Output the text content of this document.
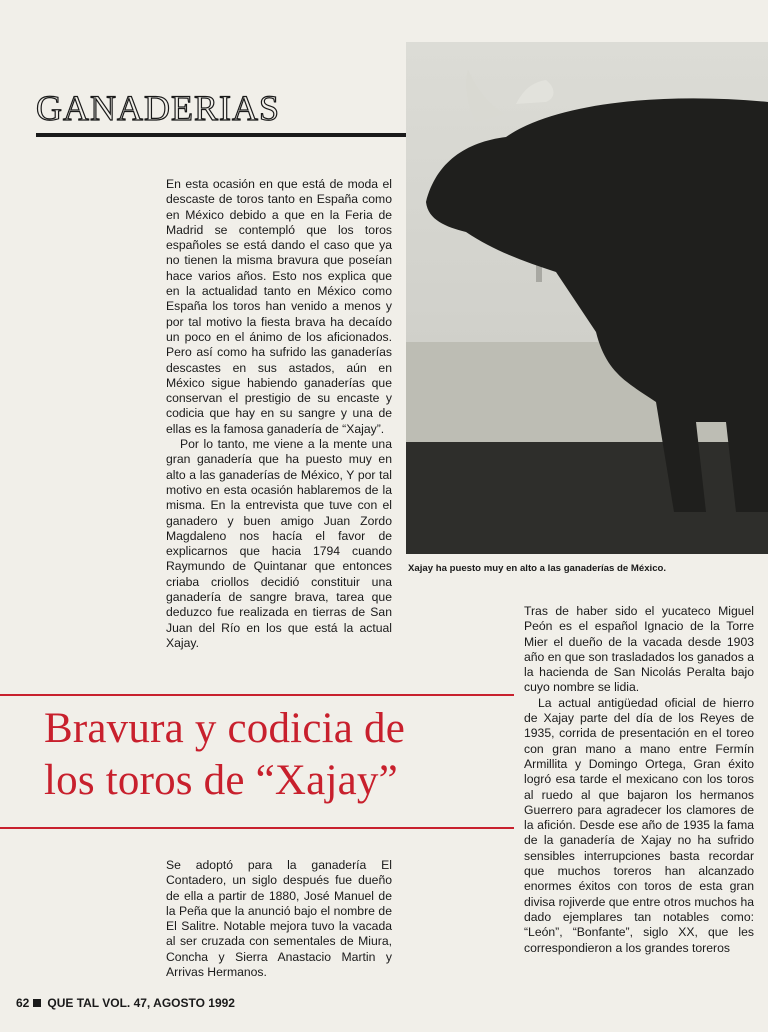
GANADERIAS

En esta ocasión en que está de moda el descaste de toros tanto en España como en México debido a que en la Feria de Madrid se contempló que los toros españoles se está dando el caso que ya no tienen la misma bravura que poseían hace varios años. Esto nos explica que en la actualidad tanto en México como España los toros han venido a menos y por tal motivo la fiesta brava ha decaído un poco en el ánimo de los aficionados. Pero así como ha sufrido las ganaderías descastes en sus astados, aún en México sigue habiendo ganaderías que conservan el prestigio de su encaste y codicia que hay en su sangre y una de ellas es la famosa ganadería de “Xajay”.

Por lo tanto, me viene a la mente una gran ganadería que ha puesto muy en alto a las ganaderías de México, Y por tal motivo en esta ocasión hablaremos de la misma. En la entrevista que tuve con el ganadero y buen amigo Juan Zordo Magdaleno nos hacía el favor de explicarnos que hacia 1794 cuando Raymundo de Quintanar que entonces criaba criollos decidió constituir una ganadería de sangre brava, tarea que deduzco fue realizada en tierras de San Juan del Río en los que está la actual Xajay.

Xajay ha puesto muy en alto a las ganaderías de México.

Tras de haber sido el yucateco Miguel Peón es el español Ignacio de la Torre Mier el dueño de la vacada desde 1903 año en que son trasladados los ganados a la hacienda de San Nicolás Peralta bajo cuyo nombre se lidia.

La actual antigüedad oficial de hierro de Xajay parte del día de los Reyes de 1935, corrida de presentación en el toreo con gran mano a mano entre Fermín Armillita y Domingo Ortega, Gran éxito logró esa tarde el mexicano con los toros al ruedo al que bajaron los hermanos Guerrero para agradecer los clamores de la afición. Desde ese año de 1935 la fama de la ganadería de Xajay no ha sufrido sensibles interrupciones basta recordar que muchos toreros han alcanzado enormes éxitos con toros de esta gran divisa rojiverde que entre otros muchos ha dado ejemplares tan notables como: “León”, “Bonfante”, siglo XX, que les correspondieron a los grandes toreros

Bravura y codicia de
los toros de “Xajay”

Se adoptó para la ganadería El Contadero, un siglo después fue dueño de ella a partir de 1880, José Manuel de la Peña que la anunció bajo el nombre de El Salitre. Notable mejora tuvo la vacada al ser cruzada con sementales de Miura, Concha y Sierra Anastacio Martin y Arrivas Hermanos.

62 QUE TAL VOL. 47, AGOSTO 1992
